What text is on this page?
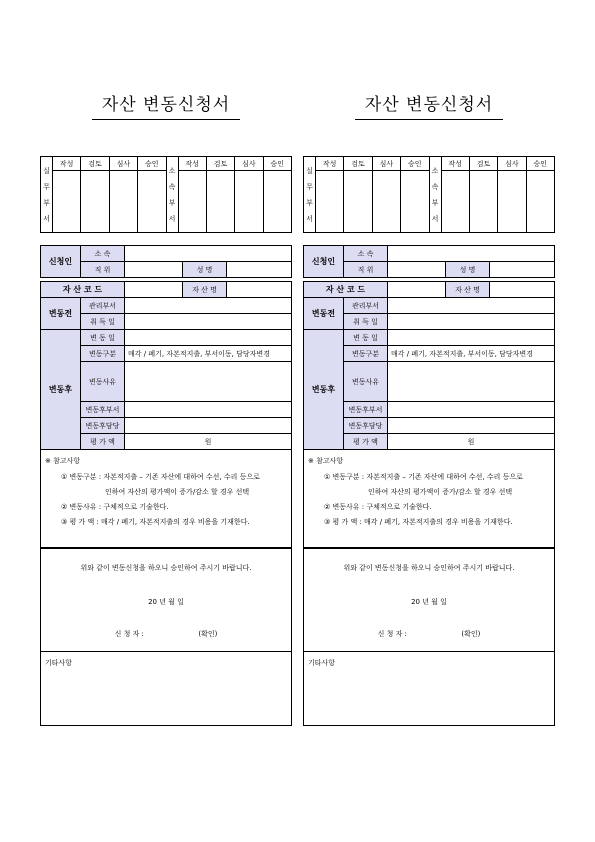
자산 변동신청서
실 무 부 서	작성	검토	심사	승인	소 속 부 서	작성	검토	심사	승인

신청인	소 속			
	직 위		성 명	

자 산 코 드			자 산 명	
변동전	관리부서			
	취 득 일			
변동후	변 동 일			
	변동구분	매각 / 폐기, 자본적지출, 부서이동, 담당자변경		
	변동사유			
	변동후부서			
	변동후담당			
	평 가 액	원		
※ 참고사항
① 변동구분 : 자본적지출 – 기존 자산에 대하여 수선, 수리 등으로
인하여 자산의 평가액이 증가/감소 할 경우 선택
② 변동사유 : 구체적으로 기술한다.
③ 평 가 액 : 매각 / 폐기, 자본적지출의 경우 비용을 기재한다.
위와 같이 변동신청을 하오니 승인하여 주시기 바랍니다.
20 년 월 일
신 청 자 :	(확인)
기타사항
자산 변동신청서
실 무 부 서	작성	검토	심사	승인	소 속 부 서	작성	검토	심사	승인

신청인	소 속			
	직 위		성 명	

자 산 코 드			자 산 명	
변동전	관리부서			
	취 득 일			
변동후	변 동 일			
	변동구분	매각 / 폐기, 자본적지출, 부서이동, 담당자변경		
	변동사유			
	변동후부서			
	변동후담당			
	평 가 액	원		
※ 참고사항
① 변동구분 : 자본적지출 – 기존 자산에 대하여 수선, 수리 등으로
인하여 자산의 평가액이 증가/감소 할 경우 선택
② 변동사유 : 구체적으로 기술한다.
③ 평 가 액 : 매각 / 폐기, 자본적지출의 경우 비용을 기재한다.
위와 같이 변동신청을 하오니 승인하여 주시기 바랍니다.
20 년 월 일
신 청 자 :	(확인)
기타사항
